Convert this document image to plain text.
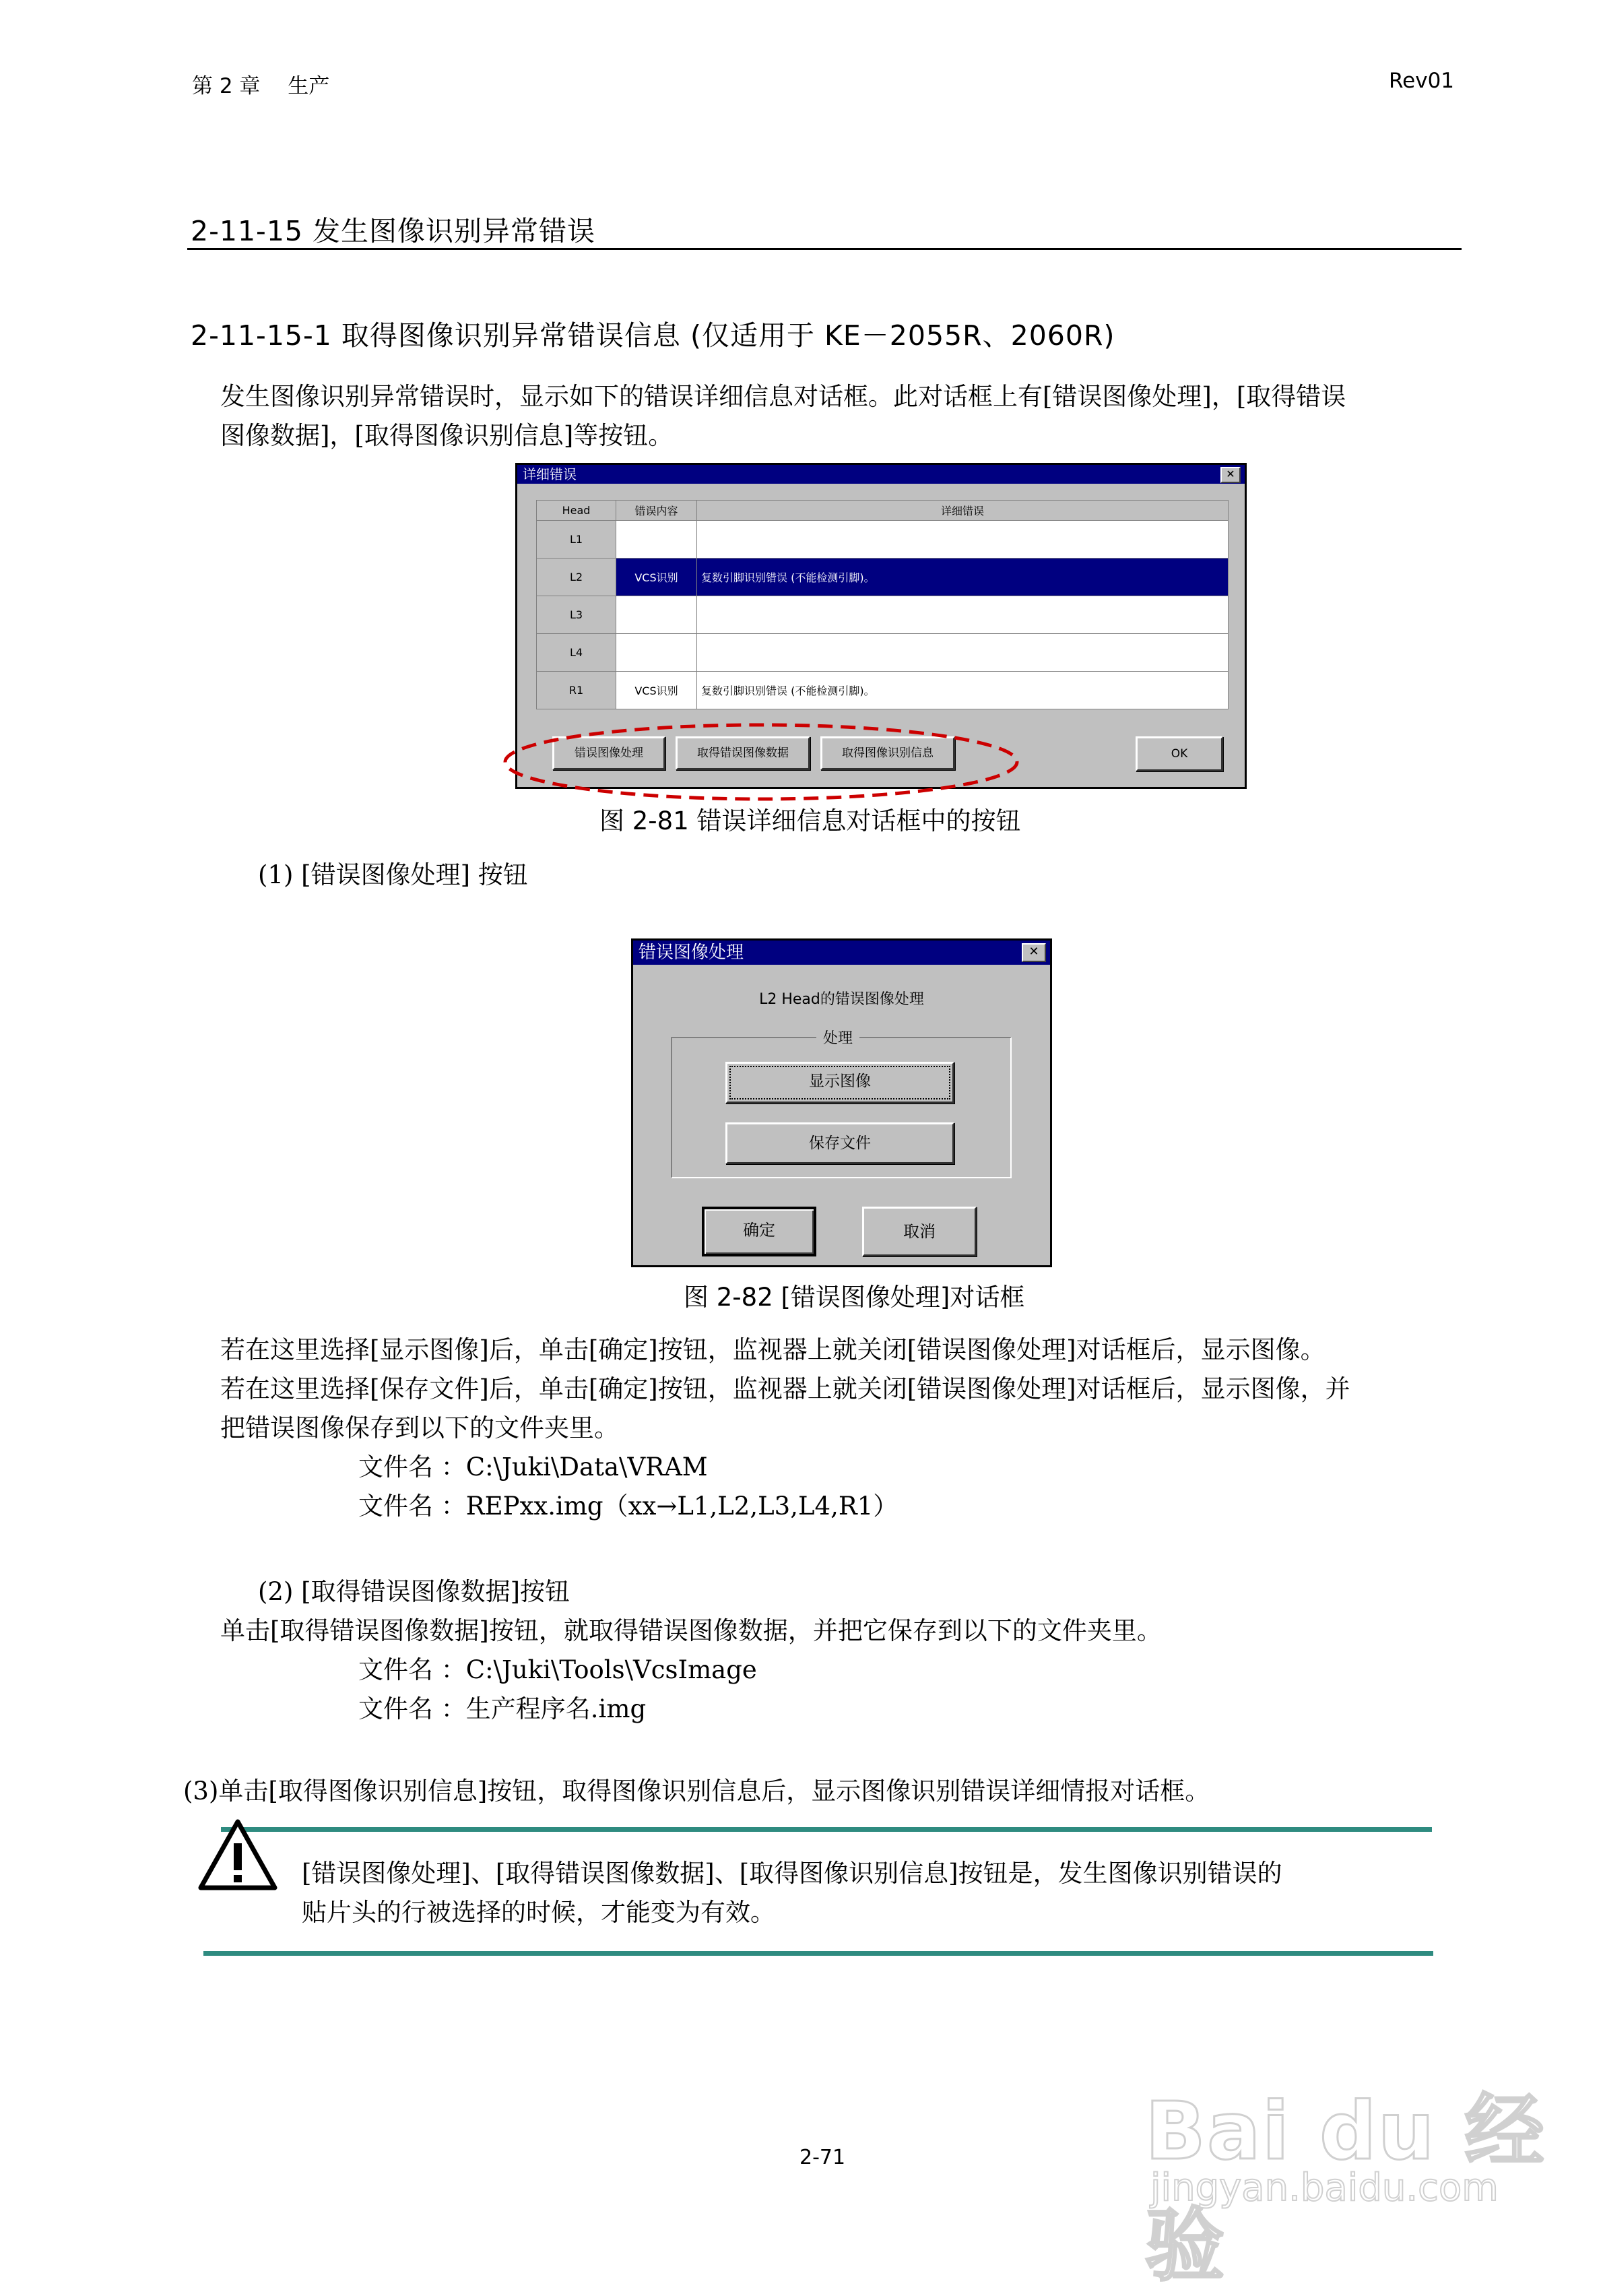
第 2 章　 生产	Rev01
2-11-15 发生图像识别异常错误
2-11-15-1 取得图像识别异常错误信息 (仅适用于 KE－2055R、2060R)
发生图像识别异常错误时，显示如下的错误详细信息对话框。此对话框上有[错误图像处理]，[取得错误
图像数据]，[取得图像识别信息]等按钮。
详细错误	✕
Head	错误内容	详细错误
L1		
L2	VCS识别	复数引脚识别错误 (不能检测引脚)。
L3		
L4		
R1	VCS识别	复数引脚识别错误 (不能检测引脚)。
错误图像处理	取得错误图像数据	取得图像识别信息	OK
图 2-81 错误详细信息对话框中的按钮
(1) [错误图像处理] 按钮
错误图像处理	✕
L2 Head的错误图像处理
处理
显示图像
保存文件
确定	取消
图 2-82 [错误图像处理]对话框
若在这里选择[显示图像]后，单击[确定]按钮，监视器上就关闭[错误图像处理]对话框后，显示图像。
若在这里选择[保存文件]后，单击[确定]按钮，监视器上就关闭[错误图像处理]对话框后，显示图像，并
把错误图像保存到以下的文件夹里。
文件名 ：C:\Juki\Data\VRAM
文件名 ：REPxx.img（xx→L1,L2,L3,L4,R1）
(2) [取得错误图像数据]按钮
单击[取得错误图像数据]按钮，就取得错误图像数据，并把它保存到以下的文件夹里。
文件名 ：C:\Juki\Tools\VcsImage
文件名 ：生产程序名.img
(3)单击[取得图像识别信息]按钮，取得图像识别信息后，显示图像识别错误详细情报对话框。
[错误图像处理]、[取得错误图像数据]、[取得图像识别信息]按钮是，发生图像识别错误的
贴片头的行被选择的时候，才能变为有效。
2-71	Bai du 经验
jingyan.baidu.com
